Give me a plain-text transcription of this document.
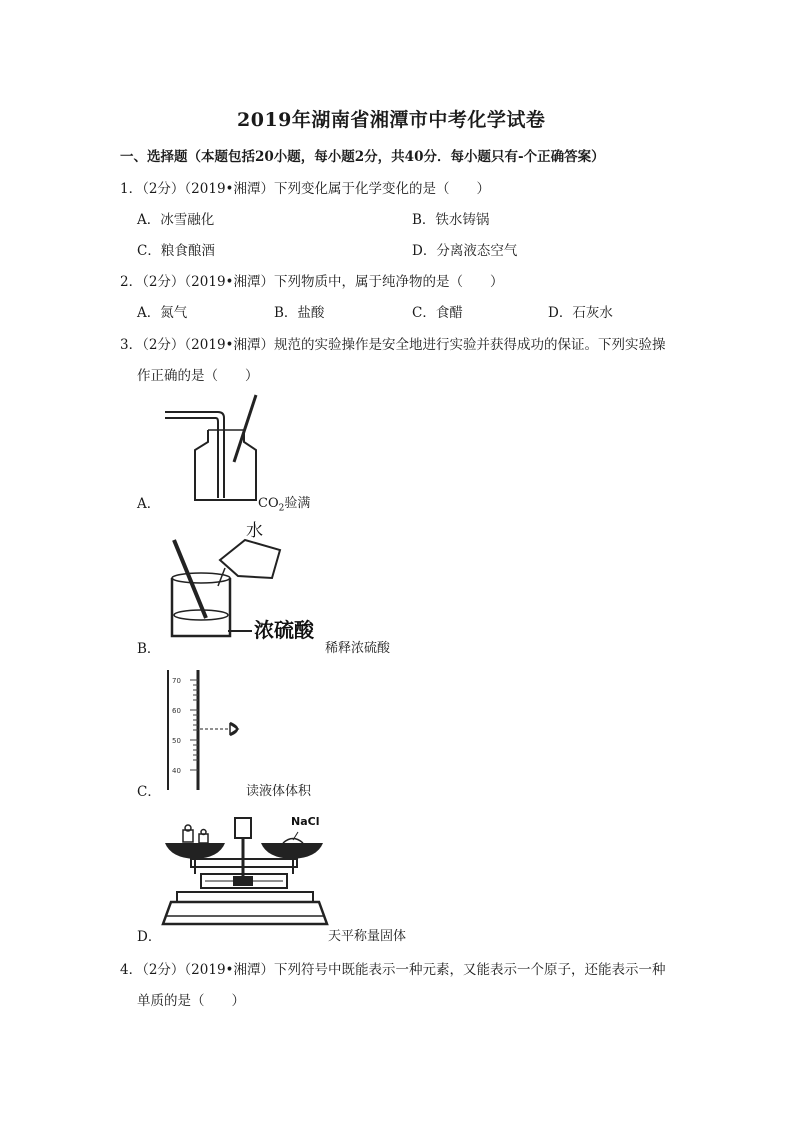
2019年湖南省湘潭市中考化学试卷
一、选择题（本题包括20小题，每小题2分，共40分．每小题只有-个正确答案）
1．（2分）（2019•湘潭）下列变化属于化学变化的是（　　）
A．冰雪融化	B．铁水铸锅
C．粮食酿酒	D．分离液态空气
2．（2分）（2019•湘潭）下列物质中，属于纯净物的是（　　）
A．氮气	B．盐酸	C．食醋	D．石灰水
3．（2分）（2019•湘潭）规范的实验操作是安全地进行实验并获得成功的保证。下列实验操
作正确的是（　　）
A．	$CO_2$验满
B．
水
浓硫酸
稀释浓硫酸
C．
70
60
50
40
读液体体积
D．
NaCl
天平称量固体
4．（2分）（2019•湘潭）下列符号中既能表示一种元素，又能表示一个原子，还能表示一种
单质的是（　　）
